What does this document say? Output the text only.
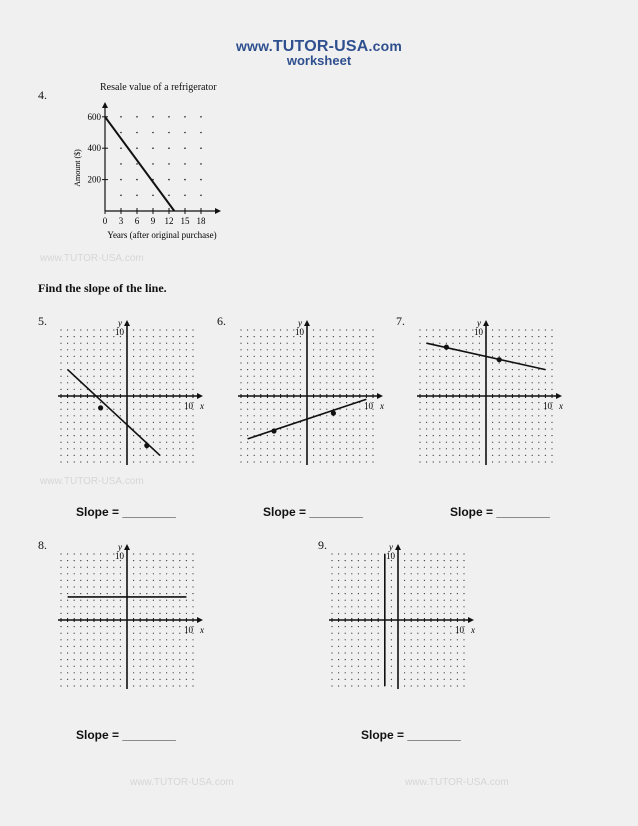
www.TUTOR-USA.com
worksheet
4.
Resale value of a refrigerator
0 3 6 9 12 15 18
200
400
600
Amount ($)
Years (after original purchase)
Find the slope of the line.
5.	6.	7.
8.	9.
y
x
10
10
y
x
10
10
y
x
10
10
y
x
10
10
y
x
10
10
Slope = ________	Slope = ________	Slope = ________
Slope = ________	Slope = ________
www.TUTOR-USA.com
www.TUTOR-USA.com
www.TUTOR-USA.com	www.TUTOR-USA.com
